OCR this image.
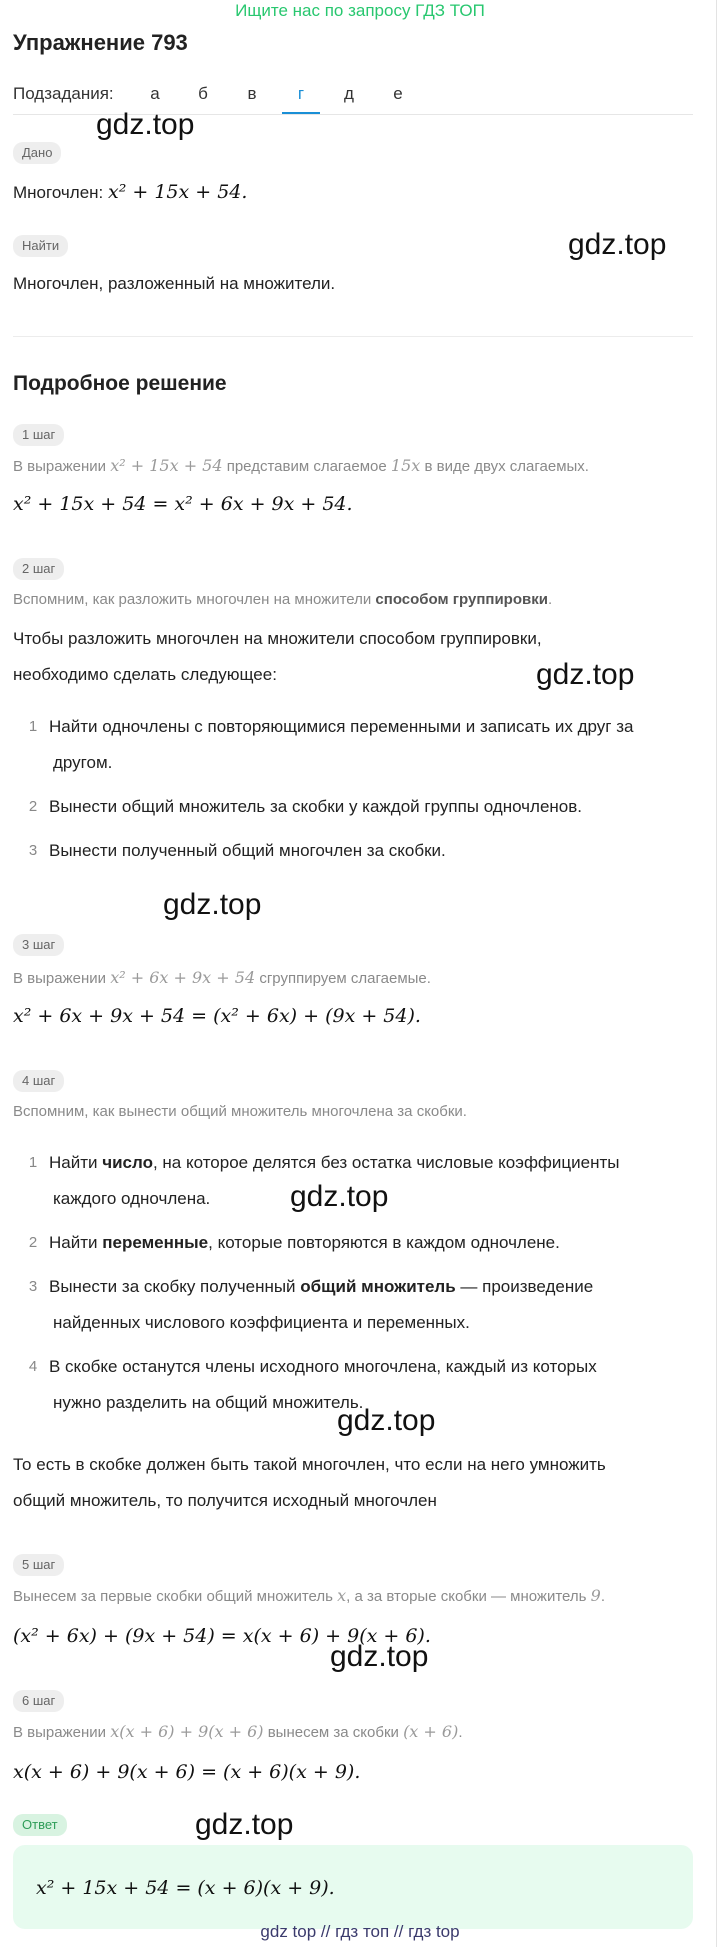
Ищите нас по запросу ГДЗ ТОП
Упражнение 793
Подзадания:	а	б	в	г	д	е
Дано
Многочлен: x² + 15x + 54.
Найти
Многочлен, разложенный на множители.
Подробное решение
1 шаг
В выражении x² + 15x + 54 представим слагаемое 15x в виде двух слагаемых.
x² + 15x + 54 = x² + 6x + 9x + 54.
2 шаг
Вспомним, как разложить многочлен на множители способом группировки.
Чтобы разложить многочлен на множители способом группировки,
необходимо сделать следующее:
1 Найти одночлены с повторяющимися переменными и записать их друг за
другом.
2 Вынести общий множитель за скобки у каждой группы одночленов.
3 Вынести полученный общий многочлен за скобки.
3 шаг
В выражении x² + 6x + 9x + 54 сгруппируем слагаемые.
x² + 6x + 9x + 54 = (x² + 6x) + (9x + 54).
4 шаг
Вспомним, как вынести общий множитель многочлена за скобки.
1 Найти число, на которое делятся без остатка числовые коэффициенты
каждого одночлена.
2 Найти переменные, которые повторяются в каждом одночлене.
3 Вынести за скобку полученный общий множитель — произведение
найденных числового коэффициента и переменных.
4 В скобке останутся члены исходного многочлена, каждый из которых
нужно разделить на общий множитель.
То есть в скобке должен быть такой многочлен, что если на него умножить
общий множитель, то получится исходный многочлен
5 шаг
Вынесем за первые скобки общий множитель x, а за вторые скобки — множитель 9.
(x² + 6x) + (9x + 54) = x(x + 6) + 9(x + 6).
6 шаг
В выражении x(x + 6) + 9(x + 6) вынесем за скобки (x + 6).
x(x + 6) + 9(x + 6) = (x + 6)(x + 9).
Ответ
x² + 15x + 54 = (x + 6)(x + 9).
gdz.top
gdz.top
gdz.top
gdz.top
gdz.top
gdz.top
gdz.top
gdz.top
gdz top // гдз топ // гдз top
